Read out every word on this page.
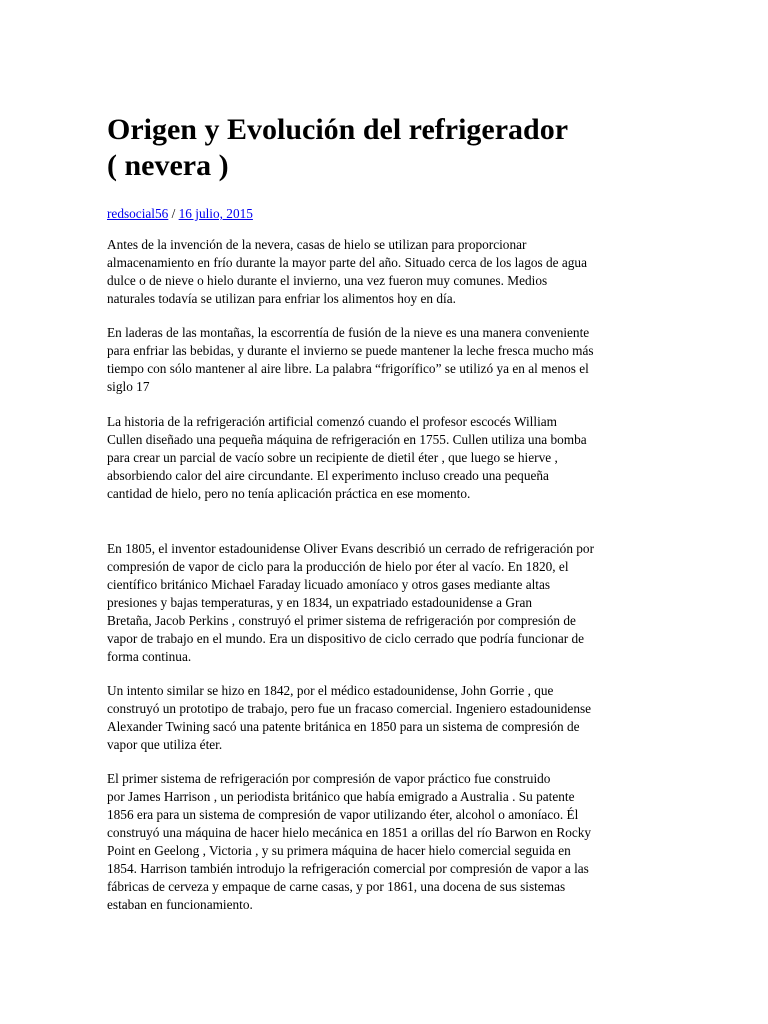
Origen y Evolución del refrigerador
( nevera )
redsocial56 / 16 julio, 2015
Antes de la invención de la nevera, casas de hielo se utilizan para proporcionar
almacenamiento en frío durante la mayor parte del año. Situado cerca de los lagos de agua
dulce o de nieve o hielo durante el invierno, una vez fueron muy comunes. Medios
naturales todavía se utilizan para enfriar los alimentos hoy en día.
En laderas de las montañas, la escorrentía de fusión de la nieve es una manera conveniente
para enfriar las bebidas, y durante el invierno se puede mantener la leche fresca mucho más
tiempo con sólo mantener al aire libre. La palabra “frigorífico” se utilizó ya en al menos el
siglo 17
La historia de la refrigeración artificial comenzó cuando el profesor escocés William
Cullen diseñado una pequeña máquina de refrigeración en 1755. Cullen utiliza una bomba
para crear un parcial de vacío sobre un recipiente de dietil éter , que luego se hierve ,
absorbiendo calor del aire circundante. El experimento incluso creado una pequeña
cantidad de hielo, pero no tenía aplicación práctica en ese momento.
En 1805, el inventor estadounidense Oliver Evans describió un cerrado de refrigeración por
compresión de vapor de ciclo para la producción de hielo por éter al vacío. En 1820, el
científico británico Michael Faraday licuado amoníaco y otros gases mediante altas
presiones y bajas temperaturas, y en 1834, un expatriado estadounidense a Gran
Bretaña, Jacob Perkins , construyó el primer sistema de refrigeración por compresión de
vapor de trabajo en el mundo. Era un dispositivo de ciclo cerrado que podría funcionar de
forma continua.
Un intento similar se hizo en 1842, por el médico estadounidense, John Gorrie , que
construyó un prototipo de trabajo, pero fue un fracaso comercial. Ingeniero estadounidense
Alexander Twining sacó una patente británica en 1850 para un sistema de compresión de
vapor que utiliza éter.
El primer sistema de refrigeración por compresión de vapor práctico fue construido
por James Harrison , un periodista británico que había emigrado a Australia . Su patente
1856 era para un sistema de compresión de vapor utilizando éter, alcohol o amoníaco. Él
construyó una máquina de hacer hielo mecánica en 1851 a orillas del río Barwon en Rocky
Point en Geelong , Victoria , y su primera máquina de hacer hielo comercial seguida en
1854. Harrison también introdujo la refrigeración comercial por compresión de vapor a las
fábricas de cerveza y empaque de carne casas, y por 1861, una docena de sus sistemas
estaban en funcionamiento.
